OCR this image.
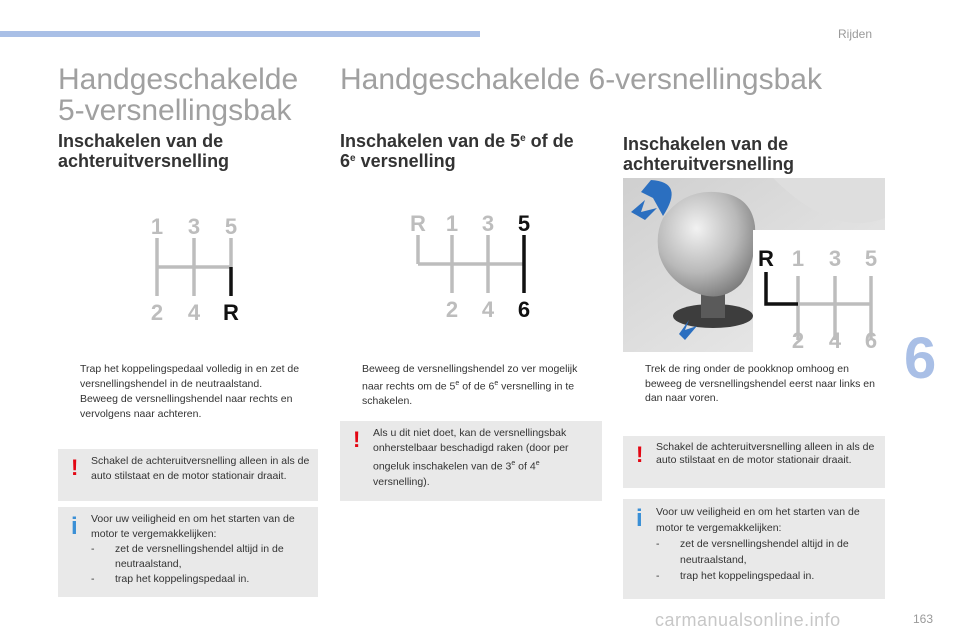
Rijden
6
163
carmanualsonline.info
Handgeschakelde
5-versnellingsbak
Inschakelen van de
achteruitversnelling
1 3 5
2 4 R
Trap het koppelingspedaal volledig in en zet de versnellingshendel in de neutraalstand.
Beweeg de versnellingshendel naar rechts en vervolgens naar achteren.
! Schakel de achteruitversnelling alleen in als de auto stilstaat en de motor stationair draait.
i Voor uw veiligheid en om het starten van de motor te vergemakkelijken:
-	zet de versnellingshendel altijd in de neutraalstand,
-	trap het koppelingspedaal in.
Handgeschakelde 6-versnellingsbak
Inschakelen van de 5e of de
6e versnelling
R 1 3 5
2 4 6
Beweeg de versnellingshendel zo ver mogelijk naar rechts om de 5e of de 6e versnelling in te schakelen.
! Als u dit niet doet, kan de versnellingsbak onherstelbaar beschadigd raken (door per ongeluk inschakelen van de 3e of 4e versnelling).
Inschakelen van de
achteruitversnelling
R 1 3 5
2 4 6
Trek de ring onder de pookknop omhoog en beweeg de versnellingshendel eerst naar links en dan naar voren.
! Schakel de achteruitversnelling alleen in als de auto stilstaat en de motor stationair draait.
i Voor uw veiligheid en om het starten van de motor te vergemakkelijken:
-	zet de versnellingshendel altijd in de neutraalstand,
-	trap het koppelingspedaal in.
